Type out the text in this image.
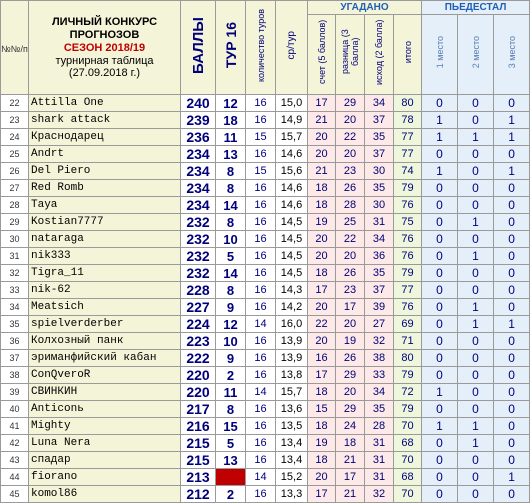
№№/п	ЛИЧНЫЙ КОНКУРС
ПРОГНОЗОВ
СЕЗОН 2018/19
турнирная таблица
(27.09.2018 г.)	БАЛЛЫ	ТУР 16	количество туров	ср/тур	УГАДАНО				ПЬЕДЕСТАЛ		
						счет (5 баллов)	разница (3 балла)	исход (2 балла)	итого	1 место	2 место	3 место
22	Attilla One	240	12	16	15,0	17	29	34	80	0	0	0
23	shark attack	239	18	16	14,9	21	20	37	78	1	0	1
24	Краснодарец	236	11	15	15,7	20	22	35	77	1	1	1
25	Andrt	234	13	16	14,6	20	20	37	77	0	0	0
26	Del Piero	234	8	15	15,6	21	23	30	74	1	0	1
27	Red Romb	234	8	16	14,6	18	26	35	79	0	0	0
28	Taya	234	14	16	14,6	18	28	30	76	0	0	0
29	Kostian7777	232	8	16	14,5	19	25	31	75	0	1	0
30	nataraga	232	10	16	14,5	20	22	34	76	0	0	0
31	nik333	232	5	16	14,5	20	20	36	76	0	1	0
32	Tigra_11	232	14	16	14,5	18	26	35	79	0	0	0
33	nik-62	228	8	16	14,3	17	23	37	77	0	0	0
34	Meatsich	227	9	16	14,2	20	17	39	76	0	1	0
35	spielverderber	224	12	14	16,0	22	20	27	69	0	1	1
36	Колхозный панк	223	10	16	13,9	20	19	32	71	0	0	0
37	эриманфийский кабан	222	9	16	13,9	16	26	38	80	0	0	0
38	ConQveroR	220	2	16	13,8	17	29	33	79	0	0	0
39	СВИНКИН	220	11	14	15,7	18	20	34	72	1	0	0
40	Anticonь	217	8	16	13,6	15	29	35	79	0	0	0
41	Mighty	216	15	16	13,5	18	24	28	70	1	1	0
42	Luna Nera	215	5	16	13,4	19	18	31	68	0	1	0
43	спадар	215	13	16	13,4	18	21	31	70	0	0	0
44	fiorano	213		14	15,2	20	17	31	68	0	0	1
45	komol86	212	2	16	13,3	17	21	32	70	0	0	0
